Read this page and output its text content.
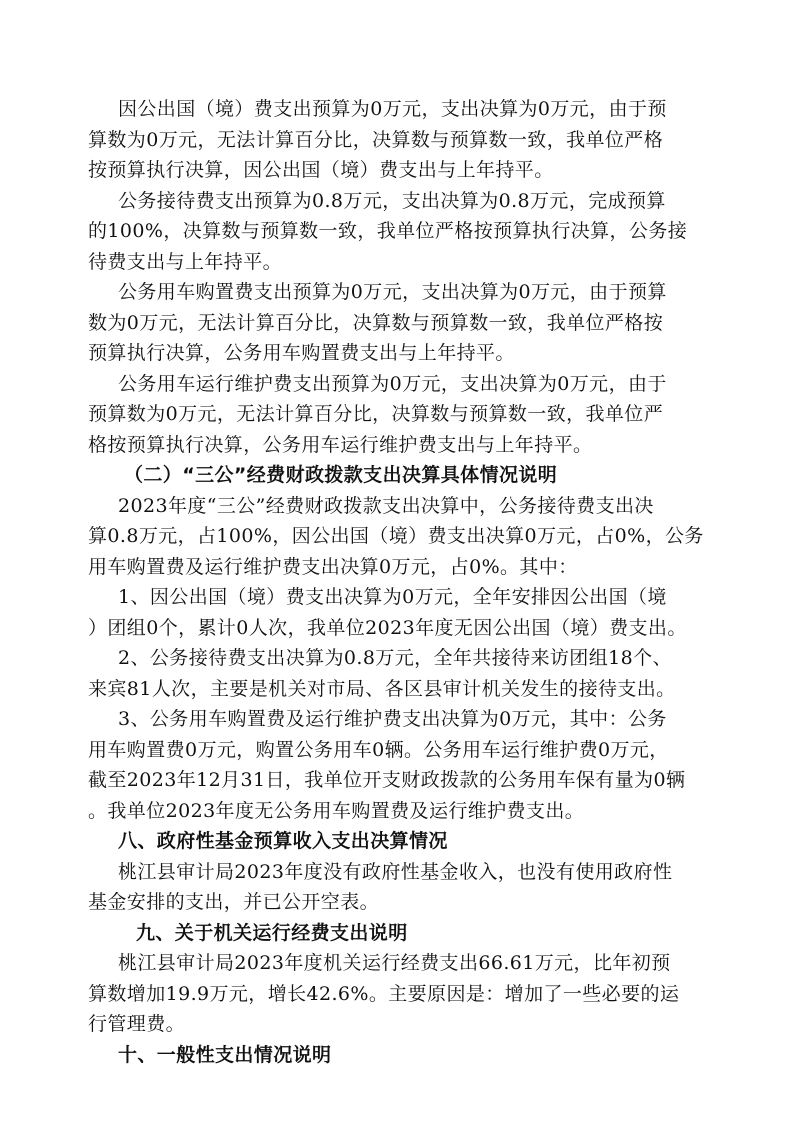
因公出国（境）费支出预算为0万元，支出决算为0万元，由于预
算数为0万元，无法计算百分比，决算数与预算数一致，我单位严格
按预算执行决算，因公出国（境）费支出与上年持平。
公务接待费支出预算为0.8万元，支出决算为0.8万元，完成预算
的100%，决算数与预算数一致，我单位严格按预算执行决算，公务接
待费支出与上年持平。
公务用车购置费支出预算为0万元，支出决算为0万元，由于预算
数为0万元，无法计算百分比，决算数与预算数一致，我单位严格按
预算执行决算，公务用车购置费支出与上年持平。
公务用车运行维护费支出预算为0万元，支出决算为0万元，由于
预算数为0万元，无法计算百分比，决算数与预算数一致，我单位严
格按预算执行决算，公务用车运行维护费支出与上年持平。
（二）“三公”经费财政拨款支出决算具体情况说明
2023年度“三公”经费财政拨款支出决算中，公务接待费支出决
算0.8万元，占100%，因公出国（境）费支出决算0万元，占0%，公务
用车购置费及运行维护费支出决算0万元，占0%。其中：
1、因公出国（境）费支出决算为0万元，全年安排因公出国（境
）团组0个，累计0人次，我单位2023年度无因公出国（境）费支出。
2、公务接待费支出决算为0.8万元，全年共接待来访团组18个、
来宾81人次，主要是机关对市局、各区县审计机关发生的接待支出。
3、公务用车购置费及运行维护费支出决算为0万元，其中：公务
用车购置费0万元，购置公务用车0辆。公务用车运行维护费0万元，
截至2023年12月31日，我单位开支财政拨款的公务用车保有量为0辆
。我单位2023年度无公务用车购置费及运行维护费支出。
八、政府性基金预算收入支出决算情况
桃江县审计局2023年度没有政府性基金收入，也没有使用政府性
基金安排的支出，并已公开空表。
九、关于机关运行经费支出说明
桃江县审计局2023年度机关运行经费支出66.61万元，比年初预
算数增加19.9万元，增长42.6%。主要原因是：增加了一些必要的运
行管理费。
十、一般性支出情况说明
